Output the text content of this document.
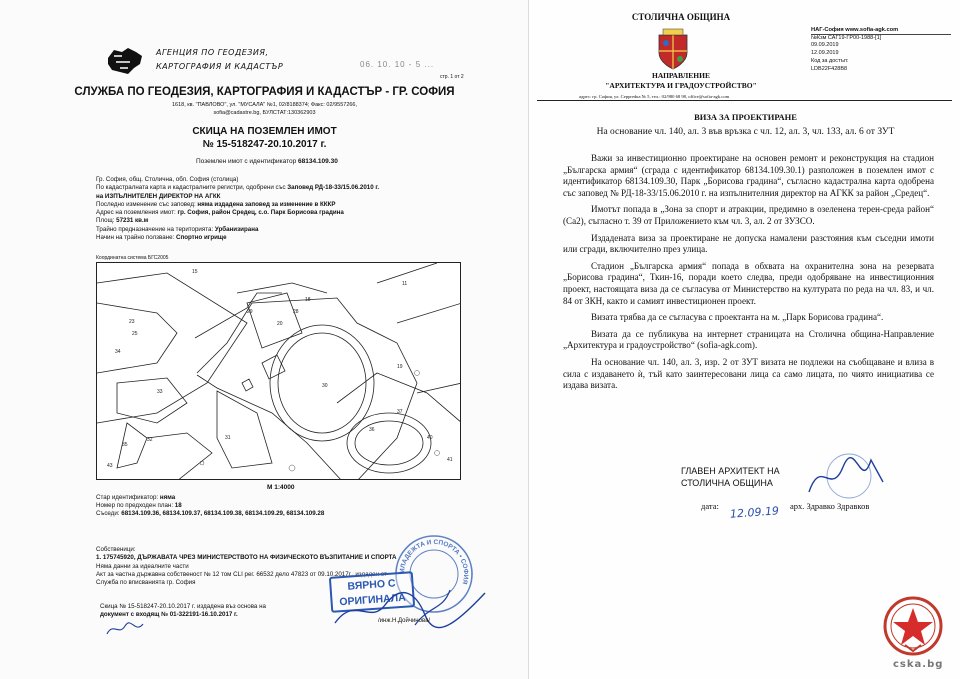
АГЕНЦИЯ ПО ГЕОДЕЗИЯ,
КАРТОГРАФИЯ И КАДАСТЪР	06. 10. 10 - 5 ...
стр. 1 от 2
СЛУЖБА ПО ГЕОДЕЗИЯ, КАРТОГРАФИЯ И КАДАСТЪР - ГР. СОФИЯ
1618, кв. "ПАВЛОВО", ул. "МУСАЛА" №1, 02/8188374; Факс: 02/9557266,
sofia@cadastre.bg, БУЛСТАТ:130362903
СКИЦА НА ПОЗЕМЛЕН ИМОТ
№ 15-518247-20.10.2017 г.
Поземлен имот с идентификатор 68134.109.30
Гр. София, общ. Столична, обл. София (столица)
По кадастралната карта и кадастралните регистри, одобрени със Заповед РД-18-33/15.06.2010 г.
на ИЗПЪЛНИТЕЛЕН ДИРЕКТОР НА АГКК
Последно изменение със заповед: няма издадена заповед за изменение в КККР
Адрес на поземления имот: гр. София, район Средец, с.о. Парк Борисова градина
Площ: 57231 кв.м
Трайно предназначение на територията: Урбанизирана
Начин на трайно ползване: Спортно игрище
Координатна система БГС2005
11
15
18
19
20
23
25
28
29
30
31
32
33
34
35
36
37
40
41
43
М 1:4000
Стар идентификатор: няма
Номер по предходен план: 18
Съседи: 68134.109.36, 68134.109.37, 68134.109.38, 68134.109.29, 68134.109.28
Собственици:
1. 175745920, ДЪРЖАВАТА ЧРЕЗ МИНИСТЕРСТВОТО НА ФИЗИЧЕСКОТО ВЪЗПИТАНИЕ И СПОРТА
Няма данни за идеалните части
Акт за частна държавна собственост № 12 том CLI рег. 66532 дело 47823 от 09.10.2017г., издаден от
Служба по вписванията гр. София
МЛАДЕЖТА И СПОРТА • СОФИЯ
ВЯРНО С
ОРИГИНАЛА
Скица № 15-518247-20.10.2017 г. издадена въз основа на
документ с входящ № 01-322191-16.10.2017 г.
/инж.Н.Дойчинова/
СТОЛИЧНА ОБЩИНА
НАПРАВЛЕНИЕ
"АРХИТЕКТУРА И ГРАДОУСТРОЙСТВО"
адрес: гр. София, ул. Серpredка № 5, тел.: 02/980 68 98, office@sofia-agk.com
НАГ-София www.sofia-agk.com
№Кзм САГ19-ГР00-1988-[1]
09.09.2019
12.09.2019
Код за достъп:
LDB22F428B8
ВИЗА ЗА ПРОЕКТИРАНЕ
На основание чл. 140, ал. 3 във връзка с чл. 12, ал. 3, чл. 133, ал. 6 от ЗУТ

Важи за инвестиционно проектиране на основен ремонт и реконструкция на стадион „Българска армия“ (сграда с идентификатор 68134.109.30.1) разположен в поземлен имот с идентификатор 68134.109.30, Парк „Борисова градина“, съгласно кадастрална карта одобрена със заповед № РД-18-33/15.06.2010 г. на изпълнителния директор на АГКК за район „Средец“.

Имотът попада в „Зона за спорт и атракции, предимно в озеленена терен-среда район“ (Са2), съгласно т. 39 от Приложението към чл. 3, ал. 2 от ЗУЗСО.

Издадената виза за проектиране не допуска намалени разстояния към съседни имоти или сгради, включително през улица.

Стадион „Българска армия“ попада в обхвата на охранителна зона на резервата „Борисова градина“, Ткин-16, поради което следва, преди одобряване на инвестиционния проект, настоящата виза да се съгласува от Министерство на културата по реда на чл. 83, и чл. 84 от ЗКН, както и самият инвестиционен проект.

Визата трябва да се съгласува с проектанта на м. „Парк Борисова градина“.

Визата да се публикува на интернет страницата на Столична община-Направление „Архитектура и градоустройство“ (sofia-agk.com).

На основание чл. 140, ал. 3, изр. 2 от ЗУТ визата не подлежи на съобщаване и влиза в сила с издаването ѝ, тъй като заинтересовани лица са само лицата, по чиято инициатива се издава визата.

ГЛАВЕН АРХИТЕКТ НА
СТОЛИЧНА ОБЩИНА
дата: 12.09.19 арх. Здравко Здравков
cska.bg
